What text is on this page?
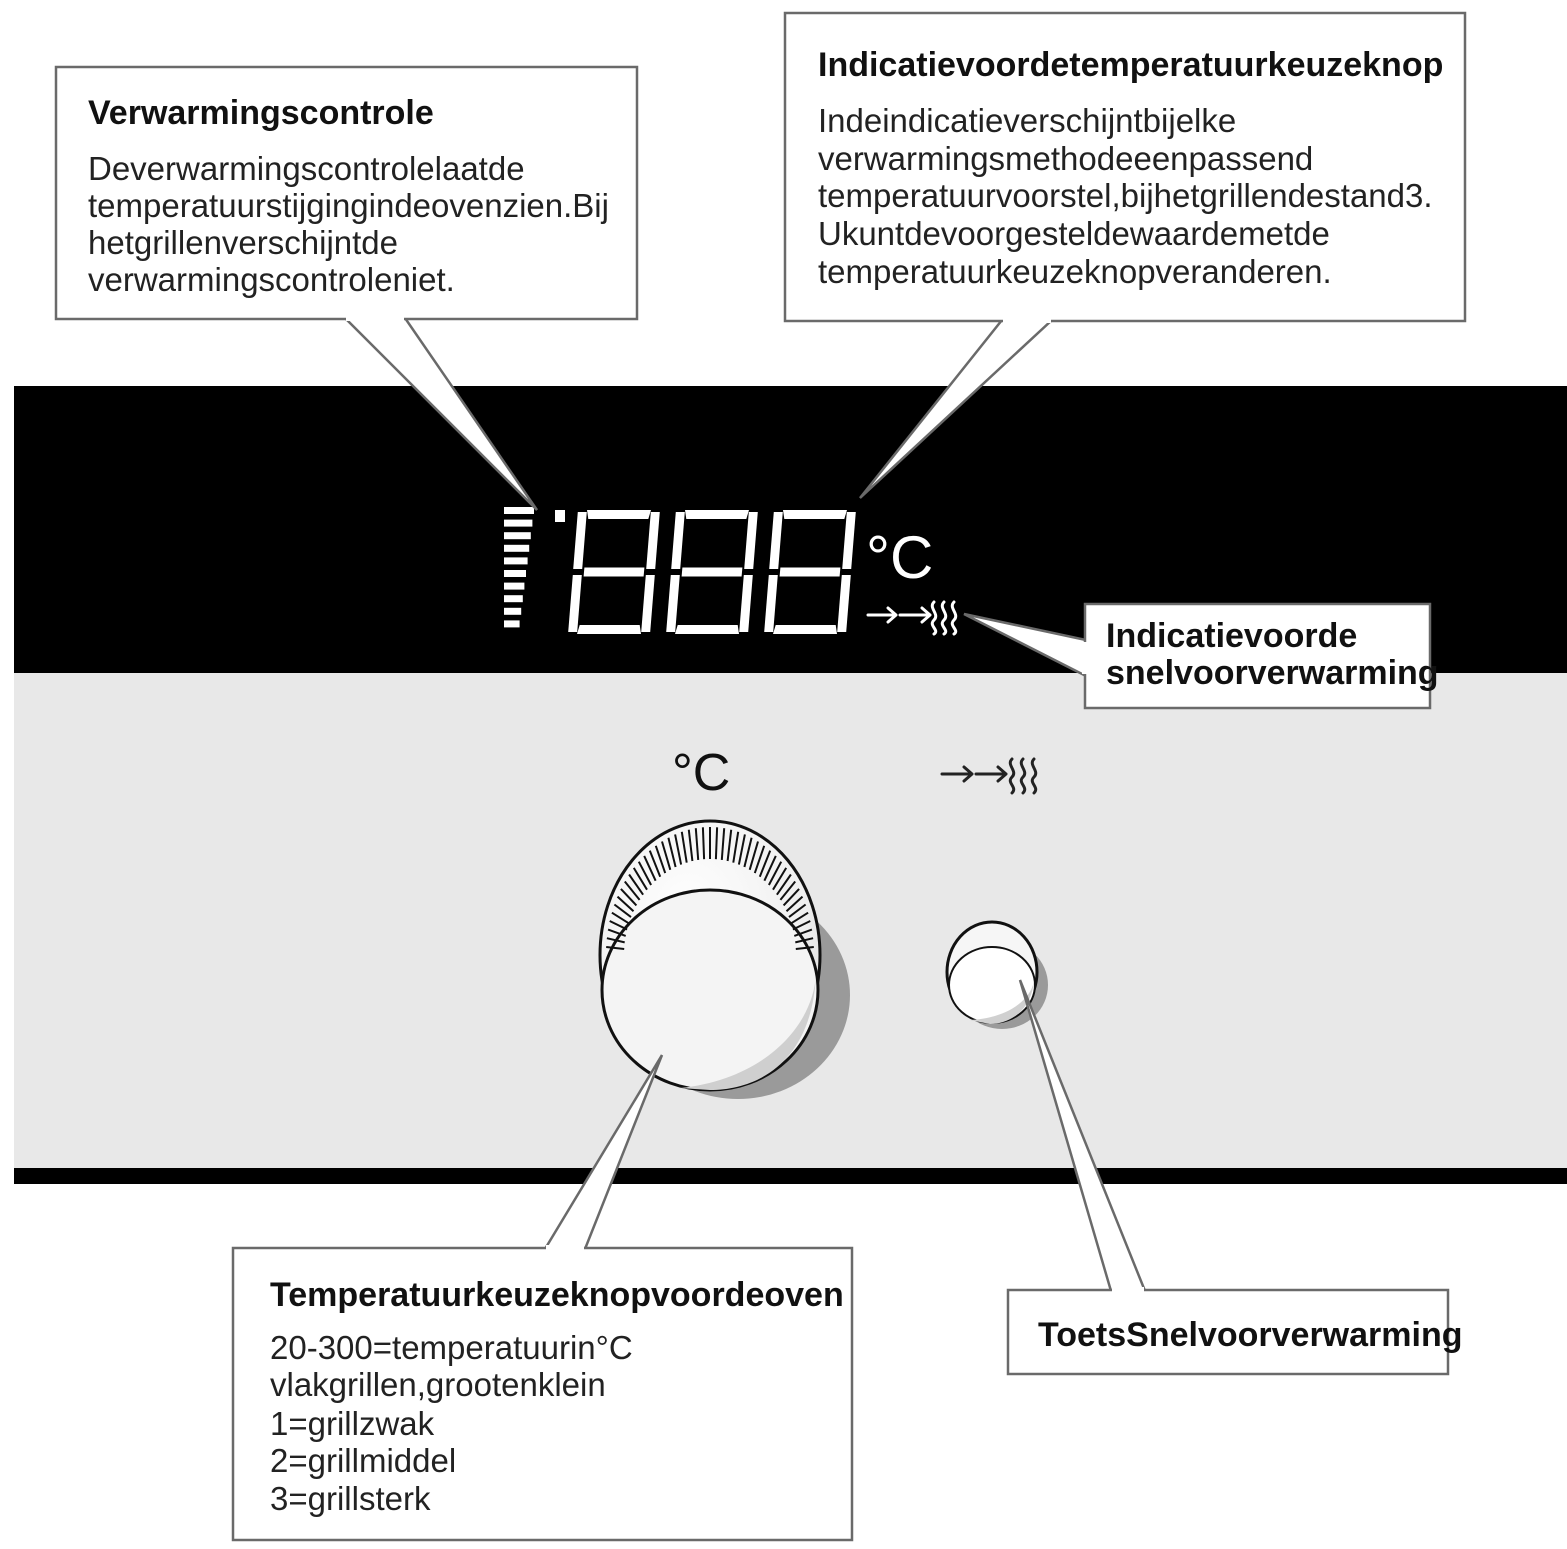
°C
°C
Verwarmingscontrole
Deverwarmingscontrolelaatde
temperatuurstijgingindeovenzien.Bij
hetgrillenverschijntde
verwarmingscontroleniet.
Indicatievoordetemperatuurkeuzeknop
Indeindicatieverschijntbijelke
verwarmingsmethodeeenpassend
temperatuurvoorstel,bijhetgrillendestand3.
Ukuntdevoorgesteldewaardemetde
temperatuurkeuzeknopveranderen.
Indicatievoorde
snelvoorverwarming
Temperatuurkeuzeknopvoordeoven
20-300=temperatuurin°C
vlakgrillen,grootenklein
1=grillzwak
2=grillmiddel
3=grillsterk
ToetsSnelvoorverwarming
